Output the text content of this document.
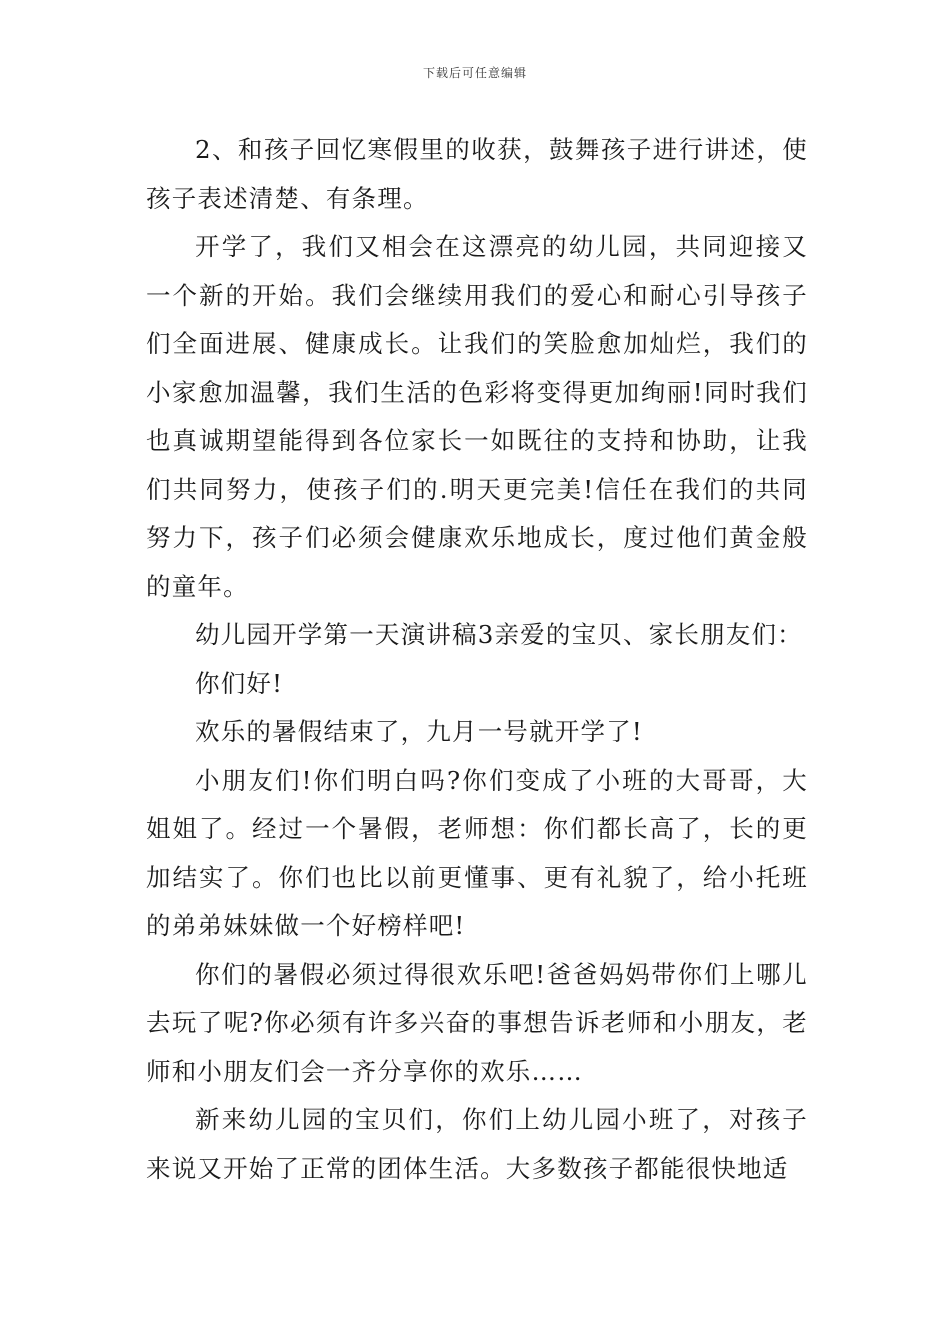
下载后可任意编辑

2、和孩子回忆寒假里的收获，鼓舞孩子进行讲述，使孩子表述清楚、有条理。

开学了，我们又相会在这漂亮的幼儿园，共同迎接又一个新的开始。我们会继续用我们的爱心和耐心引导孩子们全面进展、健康成长。让我们的笑脸愈加灿烂，我们的小家愈加温馨，我们生活的色彩将变得更加绚丽!同时我们也真诚期望能得到各位家长一如既往的支持和协助，让我们共同努力，使孩子们的.明天更完美!信任在我们的共同努力下，孩子们必须会健康欢乐地成长，度过他们黄金般的童年。

幼儿园开学第一天演讲稿3亲爱的宝贝、家长朋友们：

你们好!

欢乐的暑假结束了，九月一号就开学了!

小朋友们!你们明白吗?你们变成了小班的大哥哥，大姐姐了。经过一个暑假，老师想：你们都长高了，长的更加结实了。你们也比以前更懂事、更有礼貌了，给小托班的弟弟妹妹做一个好榜样吧!

你们的暑假必须过得很欢乐吧!爸爸妈妈带你们上哪儿去玩了呢?你必须有许多兴奋的事想告诉老师和小朋友，老师和小朋友们会一齐分享你的欢乐……

新来幼儿园的宝贝们，你们上幼儿园小班了，对孩子来说又开始了正常的团体生活。大多数孩子都能很快地适
